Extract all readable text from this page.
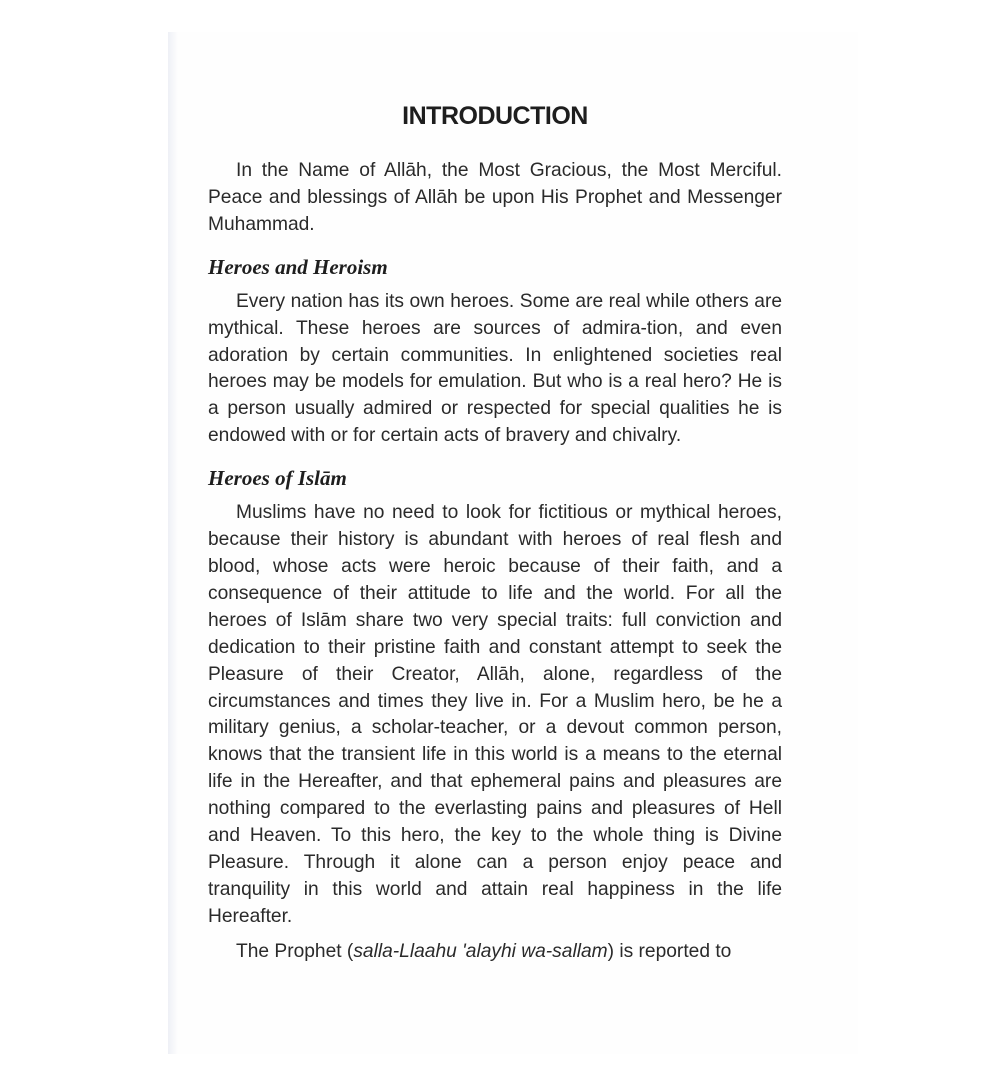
INTRODUCTION

In the Name of Allāh, the Most Gracious, the Most Merciful. Peace and blessings of Allāh be upon His Prophet and Messenger Muhammad.

Heroes and Heroism

Every nation has its own heroes. Some are real while others are mythical. These heroes are sources of admira-tion, and even adoration by certain communities. In enlightened societies real heroes may be models for emulation. But who is a real hero? He is a person usually admired or respected for special qualities he is endowed with or for certain acts of bravery and chivalry.

Heroes of Islām

Muslims have no need to look for fictitious or mythical heroes, because their history is abundant with heroes of real flesh and blood, whose acts were heroic because of their faith, and a consequence of their attitude to life and the world. For all the heroes of Islām share two very special traits: full conviction and dedication to their pristine faith and constant attempt to seek the Pleasure of their Creator, Allāh, alone, regardless of the circumstances and times they live in. For a Muslim hero, be he a military genius, a scholar-teacher, or a devout common person, knows that the transient life in this world is a means to the eternal life in the Hereafter, and that ephemeral pains and pleasures are nothing compared to the everlasting pains and pleasures of Hell and Heaven. To this hero, the key to the whole thing is Divine Pleasure. Through it alone can a person enjoy peace and tranquility in this world and attain real happiness in the life Hereafter.

The Prophet (salla-Llaahu 'alayhi wa-sallam) is reported to
